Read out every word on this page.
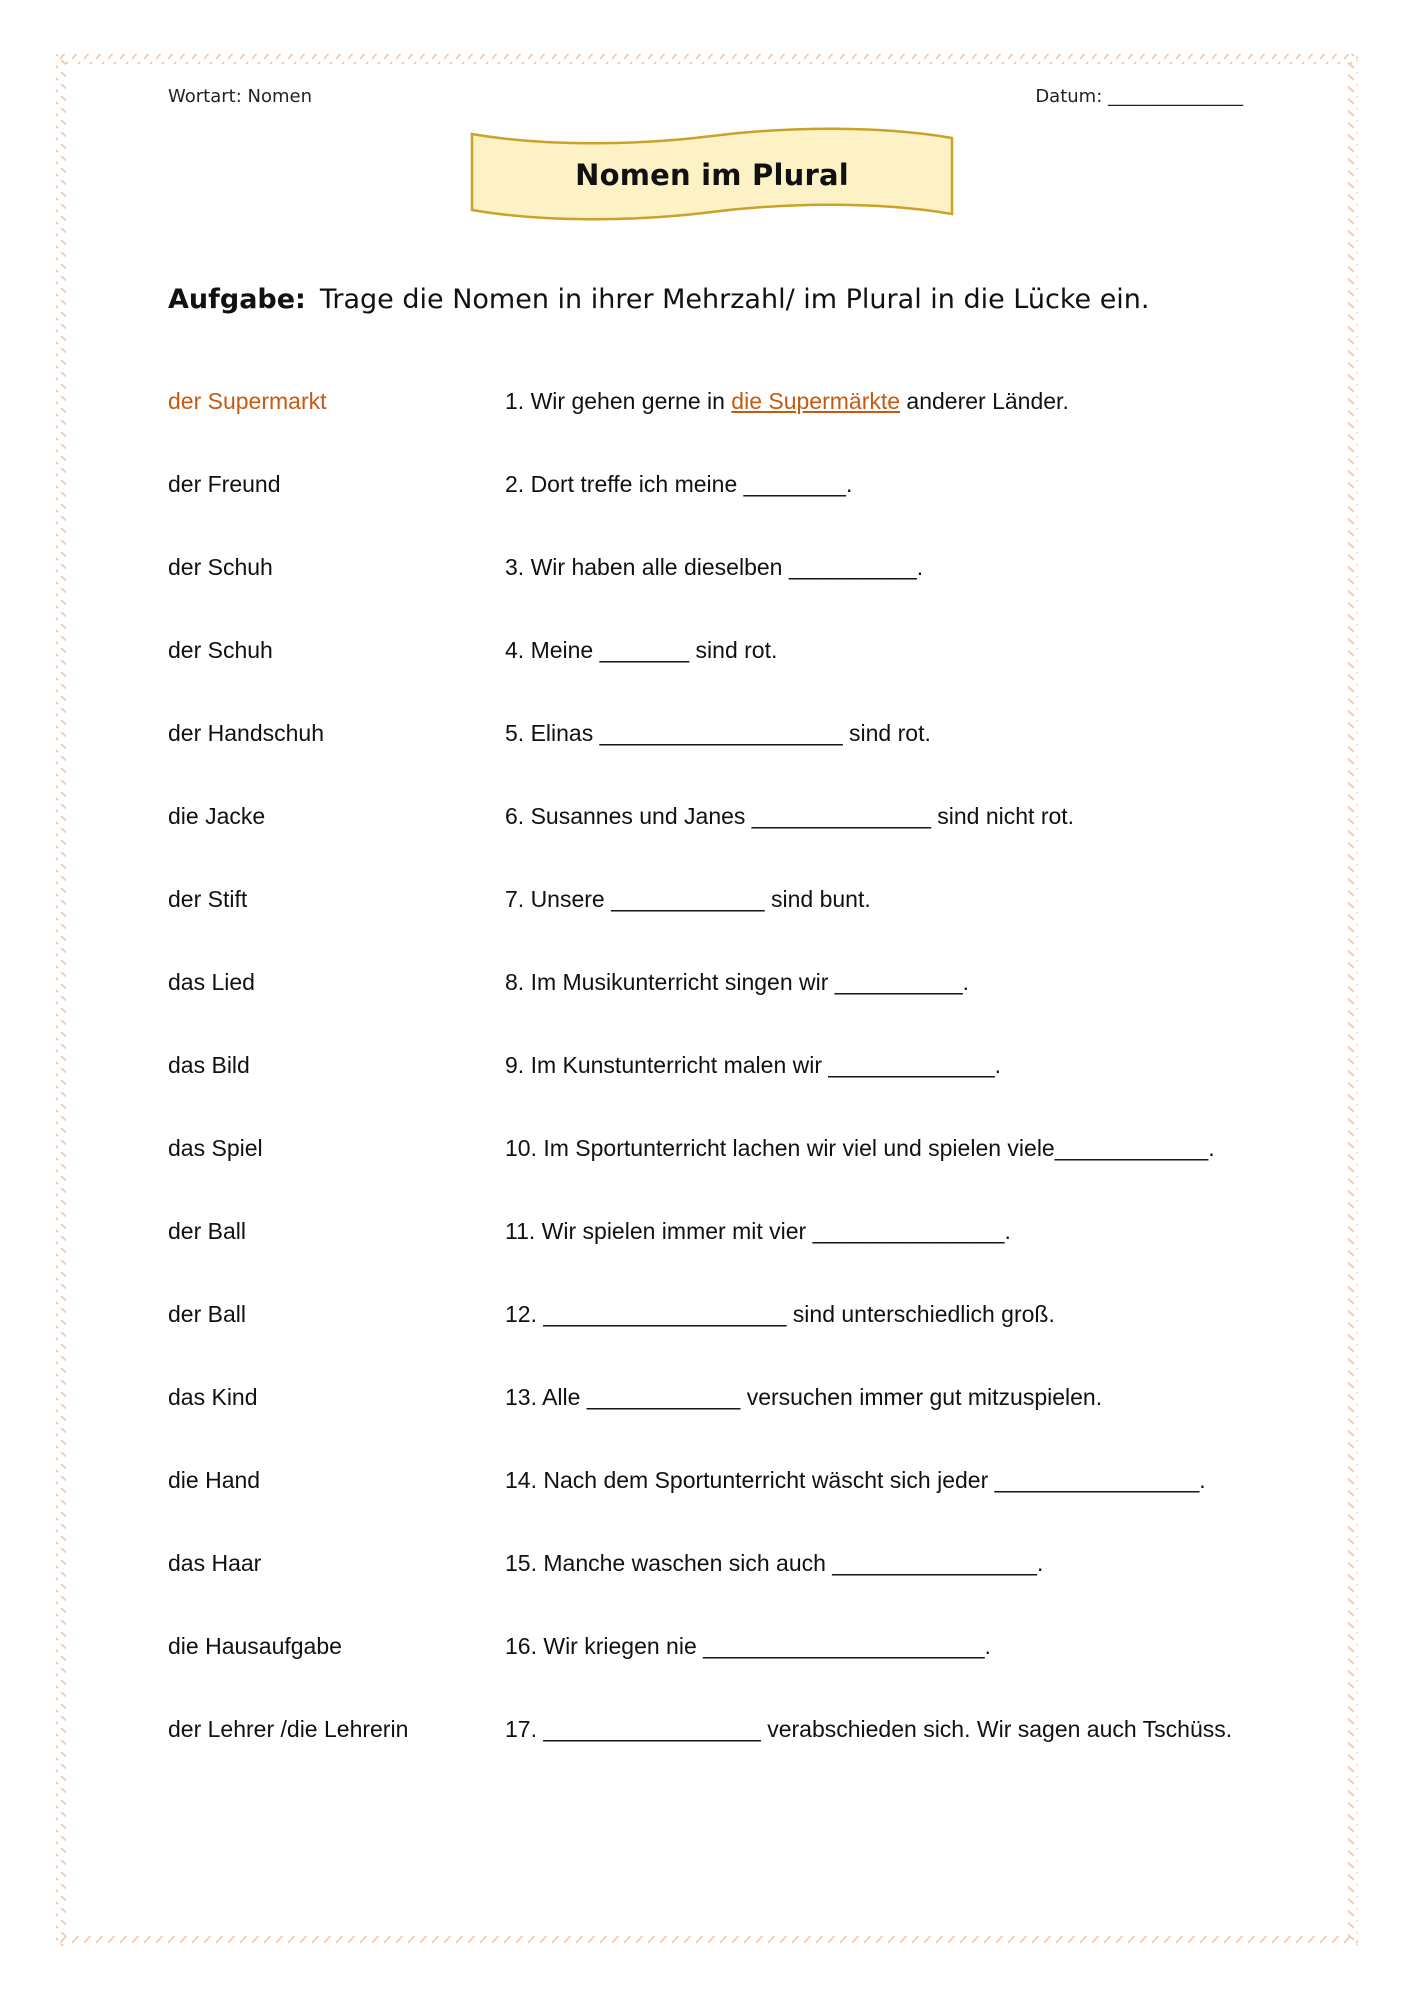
Wortart: Nomen	Datum: _______________
Nomen im Plural
Aufgabe: Trage die Nomen in ihrer Mehrzahl/ im Plural in die Lücke ein.
der Supermarkt	1. Wir gehen gerne in die Supermärkte anderer Länder.
der Freund	2. Dort treffe ich meine ________.
der Schuh	3. Wir haben alle dieselben __________.
der Schuh	4. Meine _______ sind rot.
der Handschuh	5. Elinas ___________________ sind rot.
die Jacke	6. Susannes und Janes ______________ sind nicht rot.
der Stift	7. Unsere ____________ sind bunt.
das Lied	8. Im Musikunterricht singen wir __________.
das Bild	9. Im Kunstunterricht malen wir _____________.
das Spiel	10. Im Sportunterricht lachen wir viel und spielen viele____________.
der Ball	11. Wir spielen immer mit vier _______________.
der Ball	12. ___________________ sind unterschiedlich groß.
das Kind	13. Alle ____________ versuchen immer gut mitzuspielen.
die Hand	14. Nach dem Sportunterricht wäscht sich jeder ________________.
das Haar	15. Manche waschen sich auch ________________.
die Hausaufgabe	16. Wir kriegen nie ______________________.
der Lehrer /die Lehrerin	17. _________________ verabschieden sich. Wir sagen auch Tschüss.
